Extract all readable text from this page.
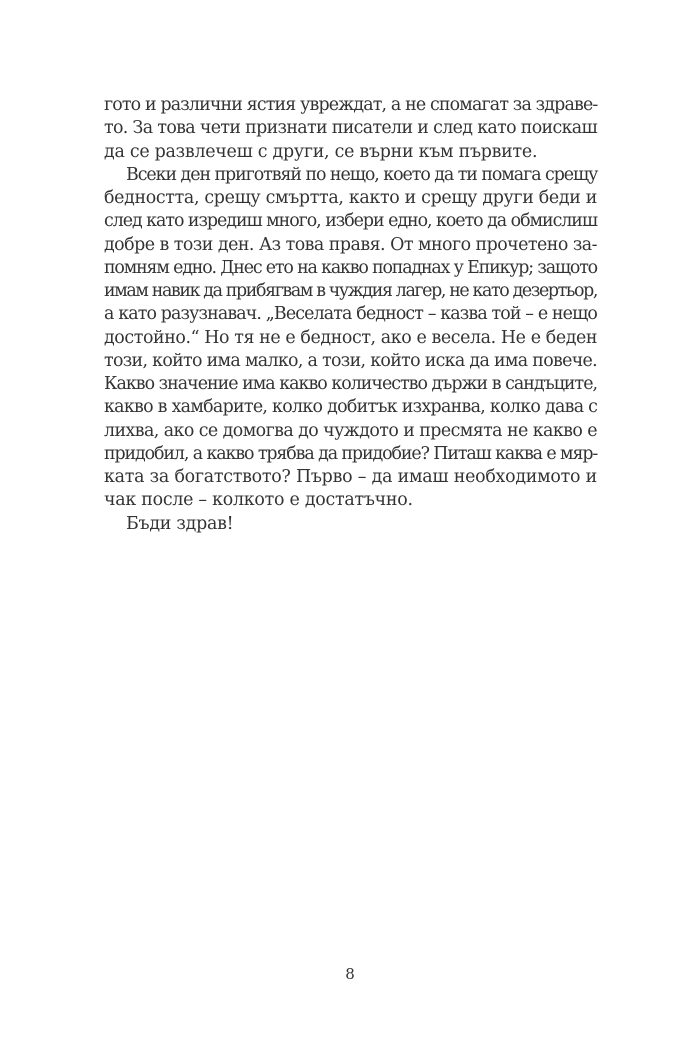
гото и различни ястия увреждат, а не спомагат за здраве-
то. За това чети признати писатели и след като поискаш
да се развлечеш с други, се върни към първите.
Всеки ден приготвяй по нещо, което да ти помага срещу
бедността, срещу смъртта, както и срещу други беди и
след като изредиш много, избери едно, което да обмислиш
добре в този ден. Аз това правя. От много прочетено за-
помням едно. Днес ето на какво попаднах у Епикур; защото
имам навик да прибягвам в чуждия лагер, не като дезертьор,
а като разузнавач. „Веселата бедност – казва той – е нещо
достойно.“ Но тя не е бедност, ако е весела. Не е беден
този, който има малко, а този, който иска да има повече.
Какво значение има какво количество държи в сандъците,
какво в хамбарите, колко добитък изхранва, колко дава с
лихва, ако се домогва до чуждото и пресмята не какво е
придобил, а какво трябва да придобие? Питаш каква е мяр-
ката за богатството? Първо – да имаш необходимото и
чак после – колкото е достатъчно.
Бъди здрав!
8
